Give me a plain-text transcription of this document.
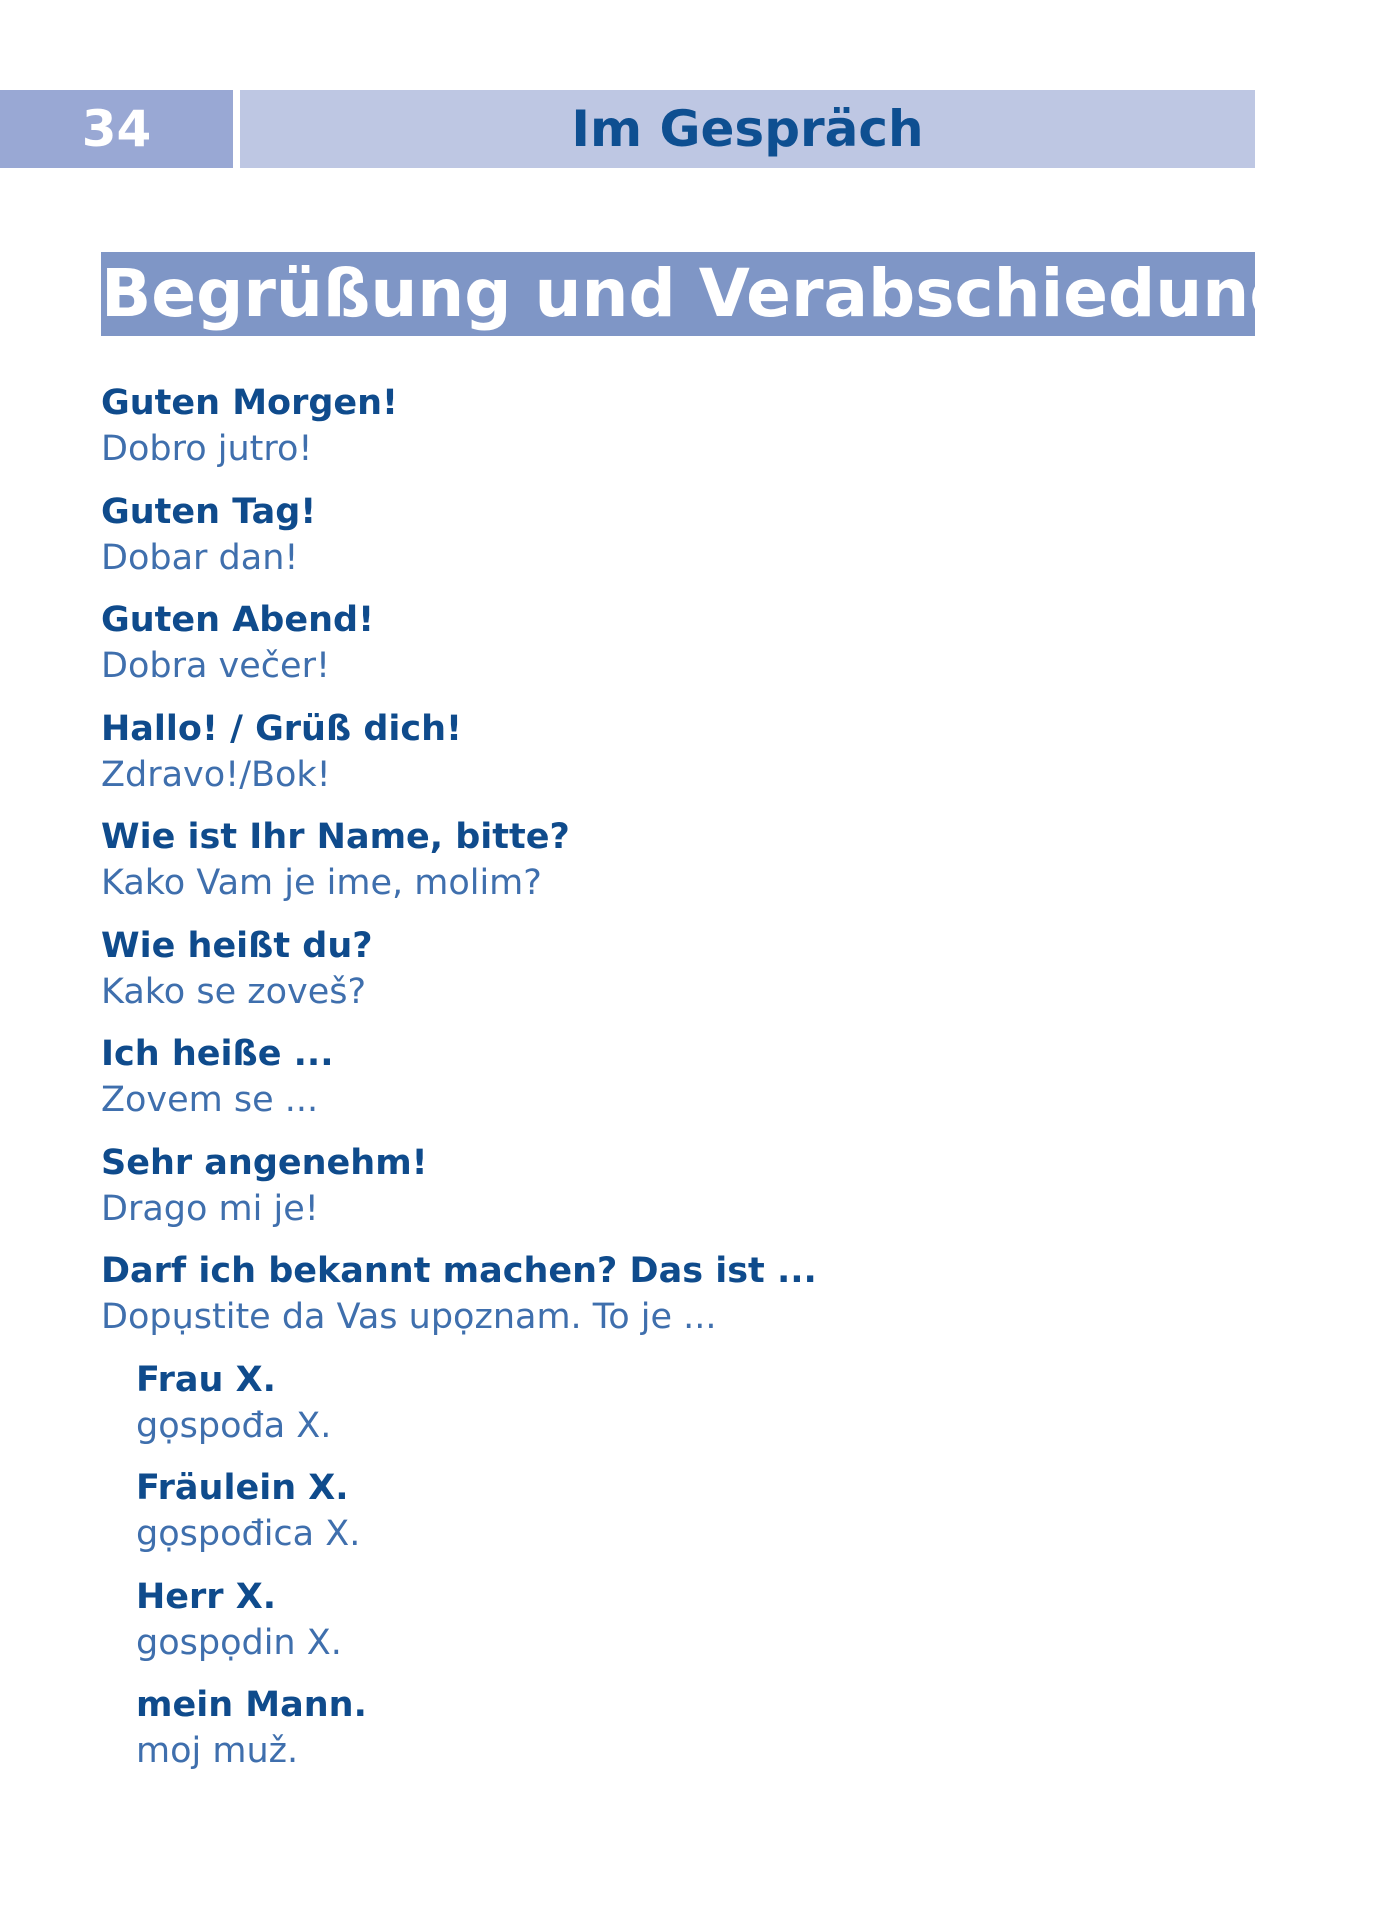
34	Im Gespräch
Begrüßung und Verabschiedung
Guten Morgen!
Dobro jutro!
Guten Tag!
Dobar dan!
Guten Abend!
Dobra večer!
Hallo! / Grüß dich!
Zdravo!/Bok!
Wie ist Ihr Name, bitte?
Kako Vam je ime, molim?
Wie heißt du?
Kako se zoveš?
Ich heiße ...
Zovem se ...
Sehr angenehm!
Drago mi je!
Darf ich bekannt machen? Das ist ...
Dopụstite da Vas upọznam. To je ...
Frau X.
gọspođa X.
Fräulein X.
gọspođica X.
Herr X.
gospọdin X.
mein Mann.
moj muž.
